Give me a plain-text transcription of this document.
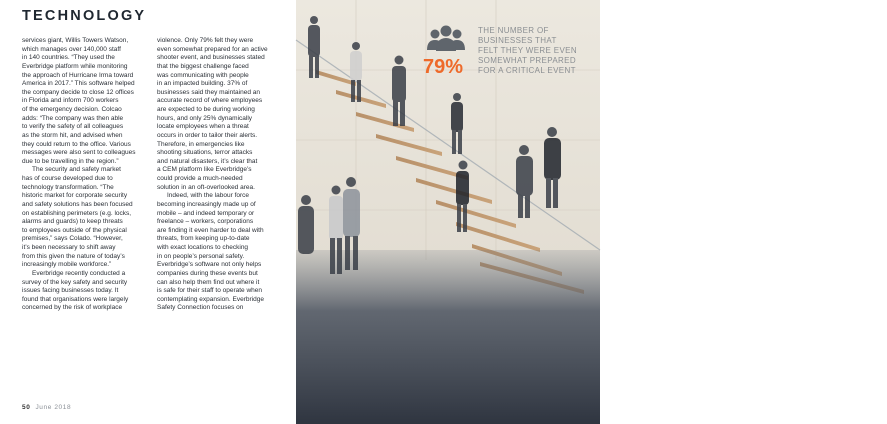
TECHNOLOGY

services giant, Willis Towers Watson,
which manages over 140,000 staff
in 140 countries. “They used the
Everbridge platform while monitoring
the approach of Hurricane Irma toward
America in 2017.” This software helped
the company decide to close 12 offices
in Florida and inform 700 workers
of the emergency decision. Colcao
adds: “The company was then able
to verify the safety of all colleagues
as the storm hit, and advised when
they could return to the office. Various
messages were also sent to colleagues
due to be travelling in the region.”

The security and safety market
has of course developed due to
technology transformation. “The
historic market for corporate security
and safety solutions has been focused
on establishing perimeters (e.g. locks,
alarms and guards) to keep threats
to employees outside of the physical
premises,” says Colado. “However,
it’s been necessary to shift away
from this given the nature of today’s
increasingly mobile workforce.”

Everbridge recently conducted a
survey of the key safety and security
issues facing businesses today. It
found that organisations were largely
concerned by the risk of workplace

violence. Only 79% felt they were
even somewhat prepared for an active
shooter event, and businesses stated
that the biggest challenge faced
was communicating with people
in an impacted building. 37% of
businesses said they maintained an
accurate record of where employees
are expected to be during working
hours, and only 25% dynamically
locate employees when a threat
occurs in order to tailor their alerts.
Therefore, in emergencies like
shooting situations, terror attacks
and natural disasters, it’s clear that
a CEM platform like Everbridge’s
could provide a much-needed
solution in an oft-overlooked area.

Indeed, with the labour force
becoming increasingly made up of
mobile – and indeed temporary or
freelance – workers, corporations
are finding it even harder to deal with
threats, from keeping up-to-date
with exact locations to checking
in on people’s personal safety.
Everbridge’s software not only helps
companies during these events but
can also help them find out where it
is safe for their staff to operate when
contemplating expansion. Everbridge
Safety Connection focuses on

50 June 2018

keeping mobile staff informed. “Where
traditional emergency notification
and physical security solutions focus
on an individual’s static home or
work address, Safety Connection
utilises multiple methods to
dynamically locate, notify and instruct
individuals,” Colado explains. “When

deployed, security professionals
can aggregate near real-time
location data from multiple sources,
including building access control
systems and travel management
systems to send notifications to
individuals and employees who
might be in dangerous situations.”

51
79%

THE NUMBER OF
BUSINESSES THAT
FELT THEY WERE EVEN
SOMEWHAT PREPARED
FOR A CRITICAL EVENT
